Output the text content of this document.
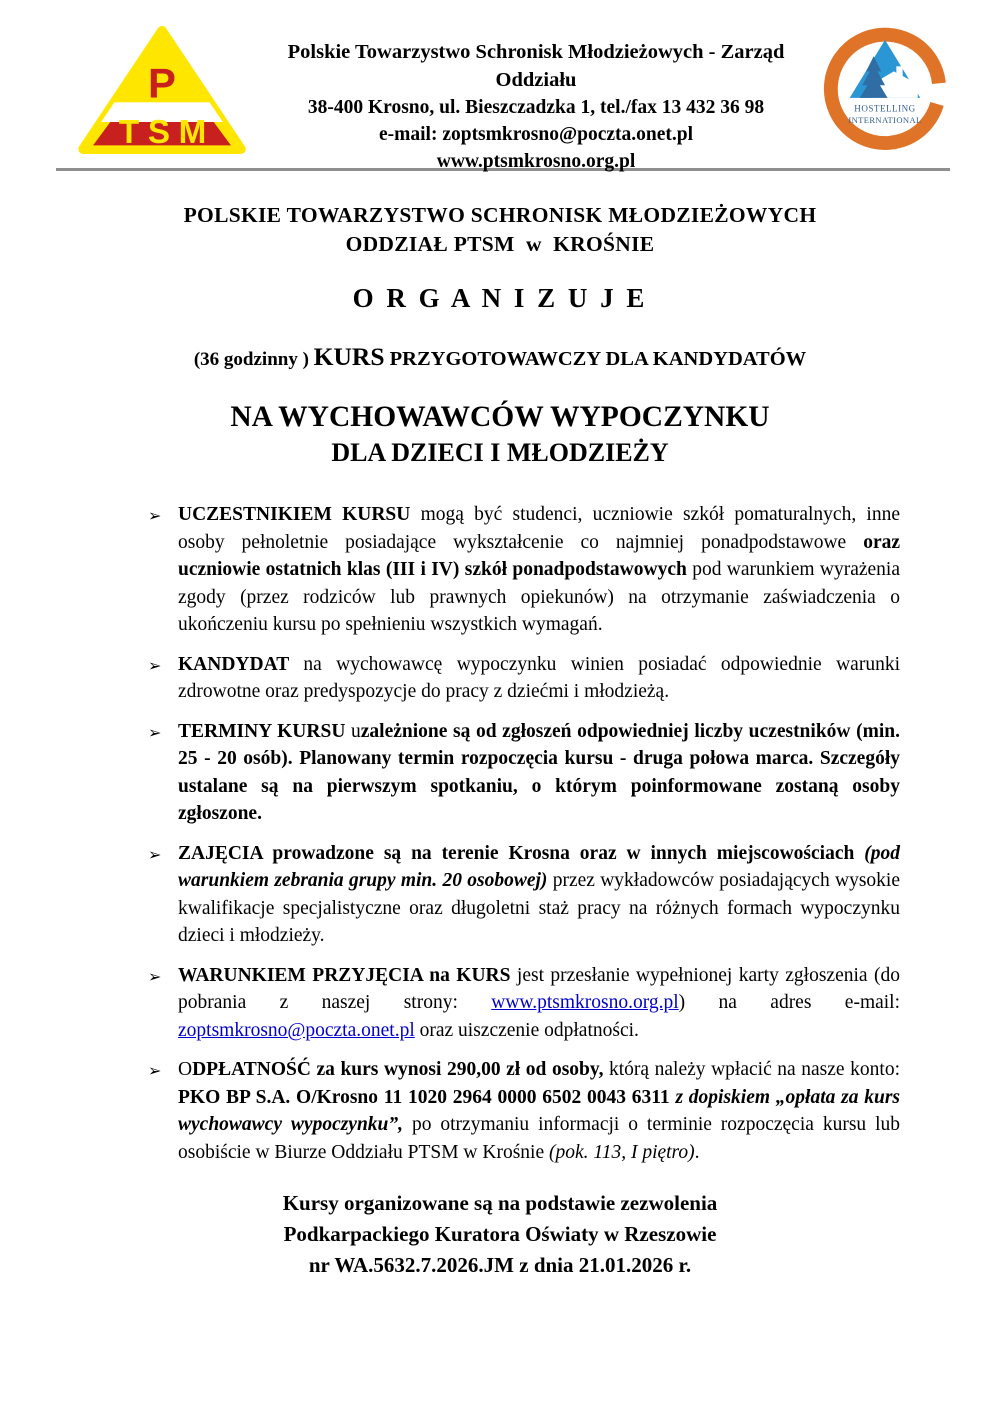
P
TSM
Polskie Towarzystwo Schronisk Młodzieżowych - Zarząd Oddziału
38-400 Krosno, ul. Bieszczadzka 1, tel./fax 13 432 36 98
e-mail: zoptsmkrosno@poczta.onet.pl
www.ptsmkrosno.org.pl
HOSTELLING
INTERNATIONAL
POLSKIE TOWARZYSTWO SCHRONISK MŁODZIEŻOWYCH
ODDZIAŁ PTSM  w  KROŚNIE
O R G A N I Z U J E
(36 godzinny ) KURS PRZYGOTOWAWCZY DLA KANDYDATÓW
NA WYCHOWAWCÓW WYPOCZYNKU
DLA DZIECI I MŁODZIEŻY
➢ UCZESTNIKIEM KURSU mogą być studenci, uczniowie szkół pomaturalnych, inne osoby pełnoletnie posiadające wykształcenie co najmniej ponadpodstawowe oraz uczniowie ostatnich klas (III i IV) szkół ponadpodstawowych pod warunkiem wyrażenia zgody (przez rodziców lub prawnych opiekunów) na otrzymanie zaświadczenia o ukończeniu kursu po spełnieniu wszystkich wymagań.
➢ KANDYDAT na wychowawcę wypoczynku winien posiadać odpowiednie warunki zdrowotne oraz predyspozycje do pracy z dziećmi i młodzieżą.
➢ TERMINY KURSU uzależnione są od zgłoszeń odpowiedniej liczby uczestników (min. 25 - 20 osób). Planowany termin rozpoczęcia kursu - druga połowa marca. Szczegóły ustalane są na pierwszym spotkaniu, o którym poinformowane zostaną osoby zgłoszone.
➢ ZAJĘCIA prowadzone są na terenie Krosna oraz w innych miejscowościach (pod warunkiem zebrania grupy min. 20 osobowej) przez wykładowców posiadających wysokie kwalifikacje specjalistyczne oraz długoletni staż pracy na różnych formach wypoczynku dzieci i młodzieży.
➢ WARUNKIEM PRZYJĘCIA na KURS jest przesłanie wypełnionej karty zgłoszenia (do pobrania z naszej strony: www.ptsmkrosno.org.pl) na adres e-mail: zoptsmkrosno@poczta.onet.pl oraz uiszczenie odpłatności.
➢ ODPŁATNOŚĆ za kurs wynosi 290,00 zł od osoby, którą należy wpłacić na nasze konto: PKO BP S.A. O/Krosno 11 1020 2964 0000 6502 0043 6311 z dopiskiem „opłata za kurs wychowawcy wypoczynku”, po otrzymaniu informacji o terminie rozpoczęcia kursu lub osobiście w Biurze Oddziału PTSM w Krośnie (pok. 113, I piętro).
Kursy organizowane są na podstawie zezwolenia
Podkarpackiego Kuratora Oświaty w Rzeszowie
nr WA.5632.7.2026.JM z dnia 21.01.2026 r.
